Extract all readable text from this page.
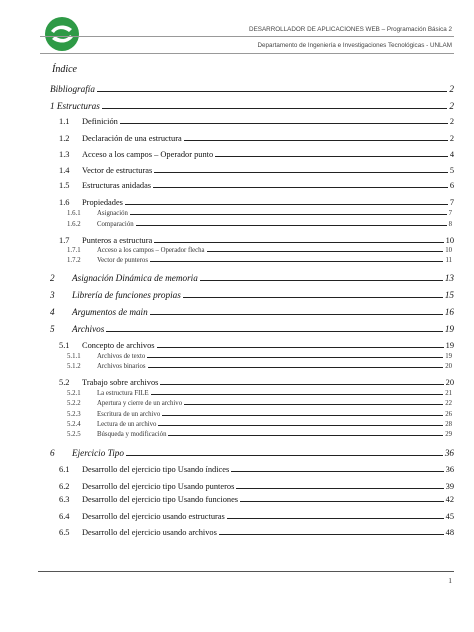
DESARROLLADOR DE APLICACIONES WEB – Programación Básica 2
Departamento de Ingeniería e Investigaciones Tecnológicas - UNLAM
Índice
Bibliografía	2
1 Estructuras	2
1.1	Definición	2
1.2	Declaración de una estructura	2
1.3	Acceso a los campos – Operador punto	4
1.4	Vector de estructuras	5
1.5	Estructuras anidadas	6
1.6	Propiedades	7
1.6.1	Asignación	7
1.6.2	Comparación	8
1.7	Punteros a estructura	10
1.7.1	Acceso a los campos – Operador flecha	10
1.7.2	Vector de punteros	11
2	Asignación Dinámica de memoria	13
3	Librería de funciones propias	15
4	Argumentos de main	16
5	Archivos	19
5.1	Concepto de archivos	19
5.1.1	Archivos de texto	19
5.1.2	Archivos binarios	20
5.2	Trabajo sobre archivos	20
5.2.1	La estructura FILE	21
5.2.2	Apertura y cierre de un archivo	22
5.2.3	Escritura de un archivo	26
5.2.4	Lectura de un archivo	28
5.2.5	Búsqueda y modificación	29
6	Ejercicio Tipo	36
6.1	Desarrollo del ejercicio tipo Usando índices	36
6.2	Desarrollo del ejercicio tipo Usando punteros	39
6.3	Desarrollo del ejercicio tipo Usando funciones	42
6.4	Desarrollo del ejercicio usando estructuras	45
6.5	Desarrollo del ejercicio usando archivos	48
1
